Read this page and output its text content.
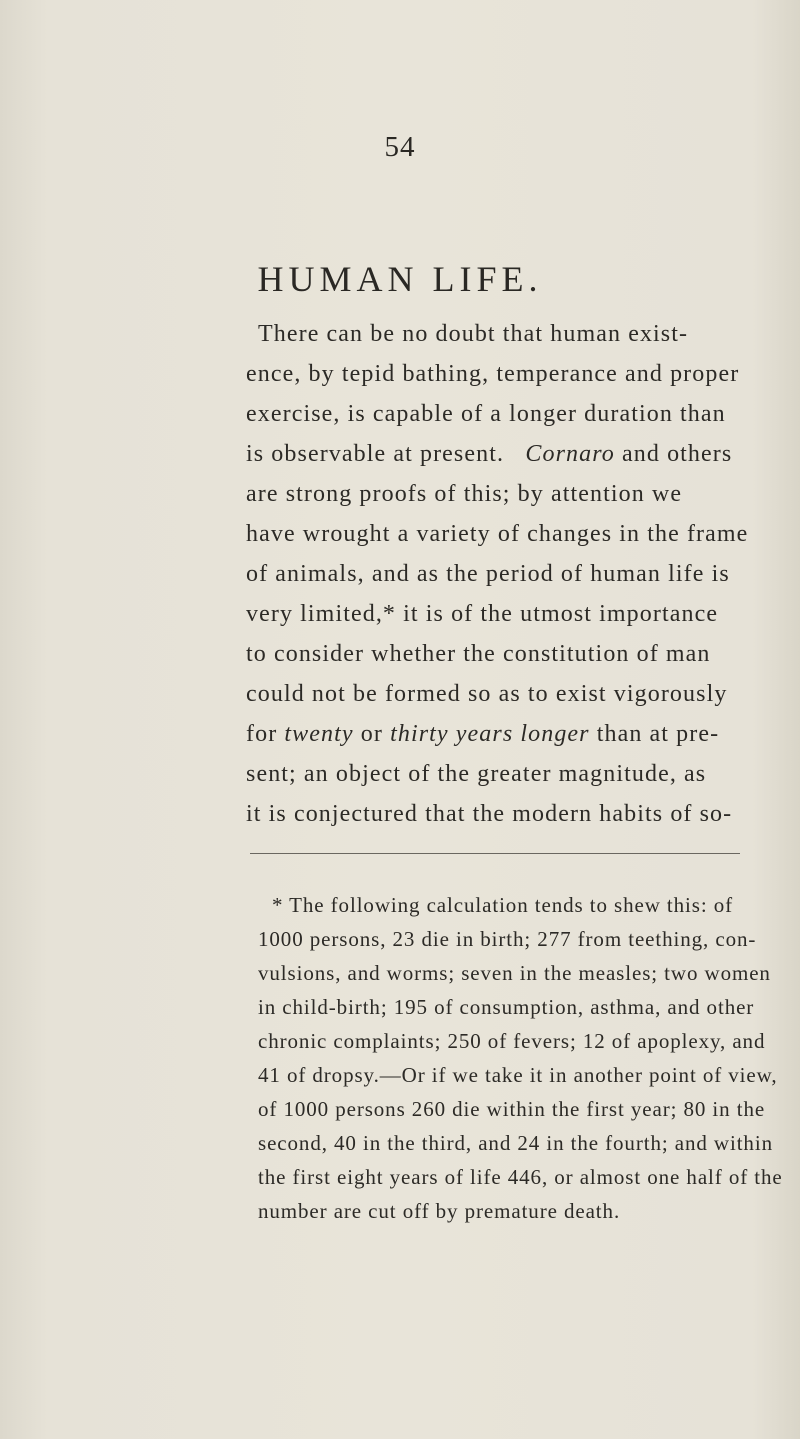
54
HUMAN LIFE.
There can be no doubt that human exist-
ence, by tepid bathing, temperance and proper
exercise, is capable of a longer duration than
is observable at present. Cornaro and others
are strong proofs of this; by attention we
have wrought a variety of changes in the frame
of animals, and as the period of human life is
very limited,* it is of the utmost importance
to consider whether the constitution of man
could not be formed so as to exist vigorously
for twenty or thirty years longer than at pre-
sent; an object of the greater magnitude, as
it is conjectured that the modern habits of so-
* The following calculation tends to shew this: of
1000 persons, 23 die in birth; 277 from teething, con-
vulsions, and worms; seven in the measles; two women
in child-birth; 195 of consumption, asthma, and other
chronic complaints; 250 of fevers; 12 of apoplexy, and
41 of dropsy.—Or if we take it in another point of view,
of 1000 persons 260 die within the first year; 80 in the
second, 40 in the third, and 24 in the fourth; and within
the first eight years of life 446, or almost one half of the
number are cut off by premature death.
